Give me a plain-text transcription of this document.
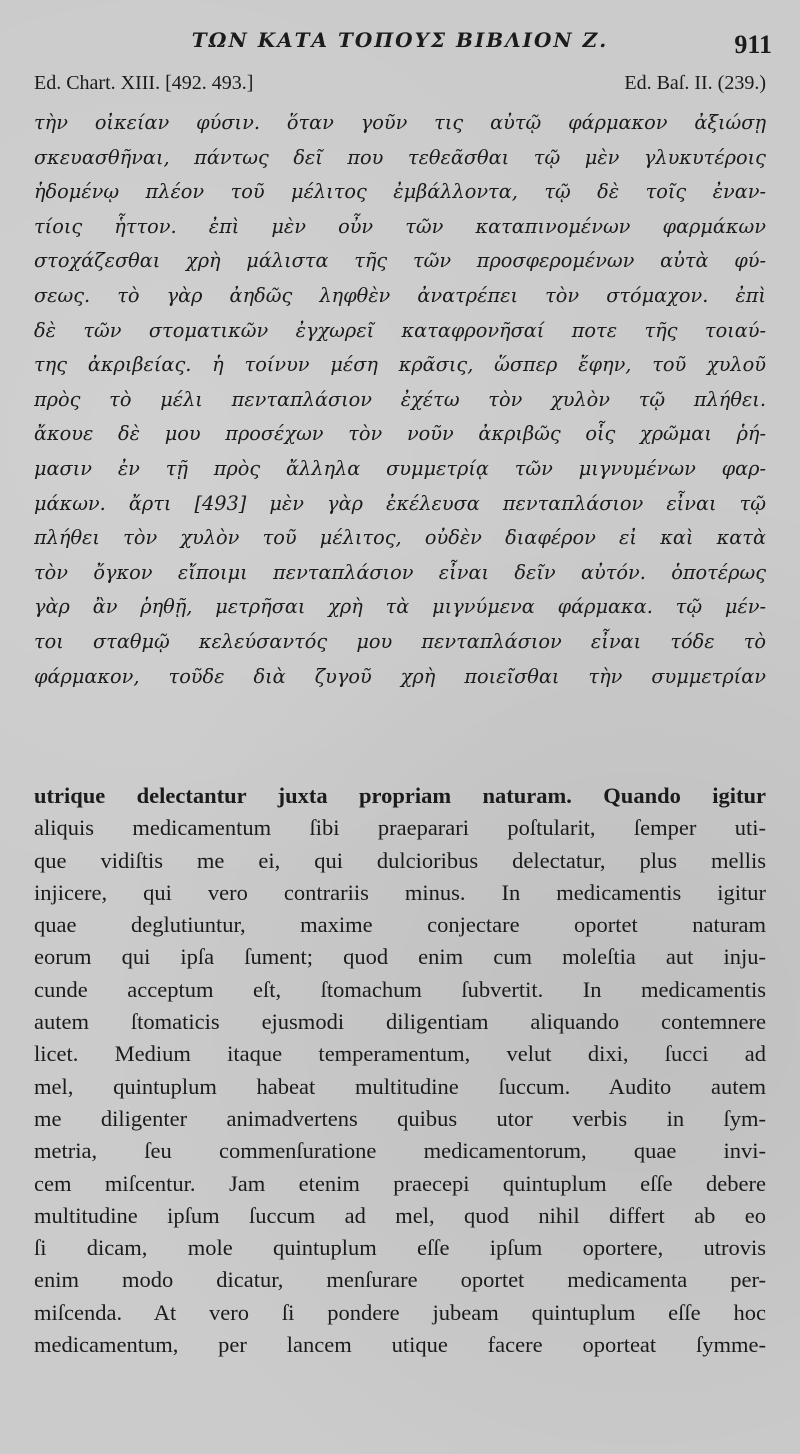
ΤΩΝ ΚΑΤΑ ΤΟΠΟΥΣ ΒΙΒΛΙΟΝ Ζ.	911
Ed. Chart. XIII. [492. 493.]	Ed. Baſ. II. (239.)
τὴν οἰκείαν φύσιν. ὅταν γοῦν τις αὐτῷ φάρμακον ἀξιώσῃ
σκευασθῆναι, πάντως δεῖ που τεθεᾶσθαι τῷ μὲν γλυκυτέροις
ἡδομένῳ πλέον τοῦ μέλιτος ἐμβάλλοντα, τῷ δὲ τοῖς ἐναν-
τίοις ἧττον. ἐπὶ μὲν οὖν τῶν καταπινομένων φαρμάκων
στοχάζεσθαι χρὴ μάλιστα τῆς τῶν προσφερομένων αὐτὰ φύ-
σεως. τὸ γὰρ ἀηδῶς ληφθὲν ἀνατρέπει τὸν στόμαχον. ἐπὶ
δὲ τῶν στοματικῶν ἐγχωρεῖ καταφρονῆσαί ποτε τῆς τοιαύ-
της ἀκριβείας. ἡ τοίνυν μέση κρᾶσις, ὥσπερ ἔφην, τοῦ χυλοῦ
πρὸς τὸ μέλι πενταπλάσιον ἐχέτω τὸν χυλὸν τῷ πλήθει.
ἄκουε δὲ μου προσέχων τὸν νοῦν ἀκριβῶς οἷς χρῶμαι ῥή-
μασιν ἐν τῇ πρὸς ἄλληλα συμμετρίᾳ τῶν μιγνυμένων φαρ-
μάκων. ἄρτι [493] μὲν γὰρ ἐκέλευσα πενταπλάσιον εἶναι τῷ
πλήθει τὸν χυλὸν τοῦ μέλιτος, οὐδὲν διαφέρον εἰ καὶ κατὰ
τὸν ὄγκον εἴποιμι πενταπλάσιον εἶναι δεῖν αὐτόν. ὁποτέρως
γὰρ ἂν ῥηθῇ, μετρῆσαι χρὴ τὰ μιγνύμενα φάρμακα. τῷ μέν-
τοι σταθμῷ κελεύσαντός μου πενταπλάσιον εἶναι τόδε τὸ
φάρμακον, τοῦδε διὰ ζυγοῦ χρὴ ποιεῖσθαι τὴν συμμετρίαν
utrique delectantur juxta propriam naturam. Quando igitur
aliquis medicamentum ſibi praeparari poſtularit, ſemper uti-
que vidiſtis me ei, qui dulcioribus delectatur, plus mellis
injicere, qui vero contrariis minus. In medicamentis igitur
quae deglutiuntur, maxime conjectare oportet naturam
eorum qui ipſa ſument; quod enim cum moleſtia aut inju-
cunde acceptum eſt, ſtomachum ſubvertit. In medicamentis
autem ſtomaticis ejusmodi diligentiam aliquando contemnere
licet. Medium itaque temperamentum, velut dixi, ſucci ad
mel, quintuplum habeat multitudine ſuccum. Audito autem
me diligenter animadvertens quibus utor verbis in ſym-
metria, ſeu commenſuratione medicamentorum, quae invi-
cem miſcentur. Jam etenim praecepi quintuplum eſſe debere
multitudine ipſum ſuccum ad mel, quod nihil differt ab eo
ſi dicam, mole quintuplum eſſe ipſum oportere, utrovis
enim modo dicatur, menſurare oportet medicamenta per-
miſcenda. At vero ſi pondere jubeam quintuplum eſſe hoc
medicamentum, per lancem utique facere oporteat ſymme-
